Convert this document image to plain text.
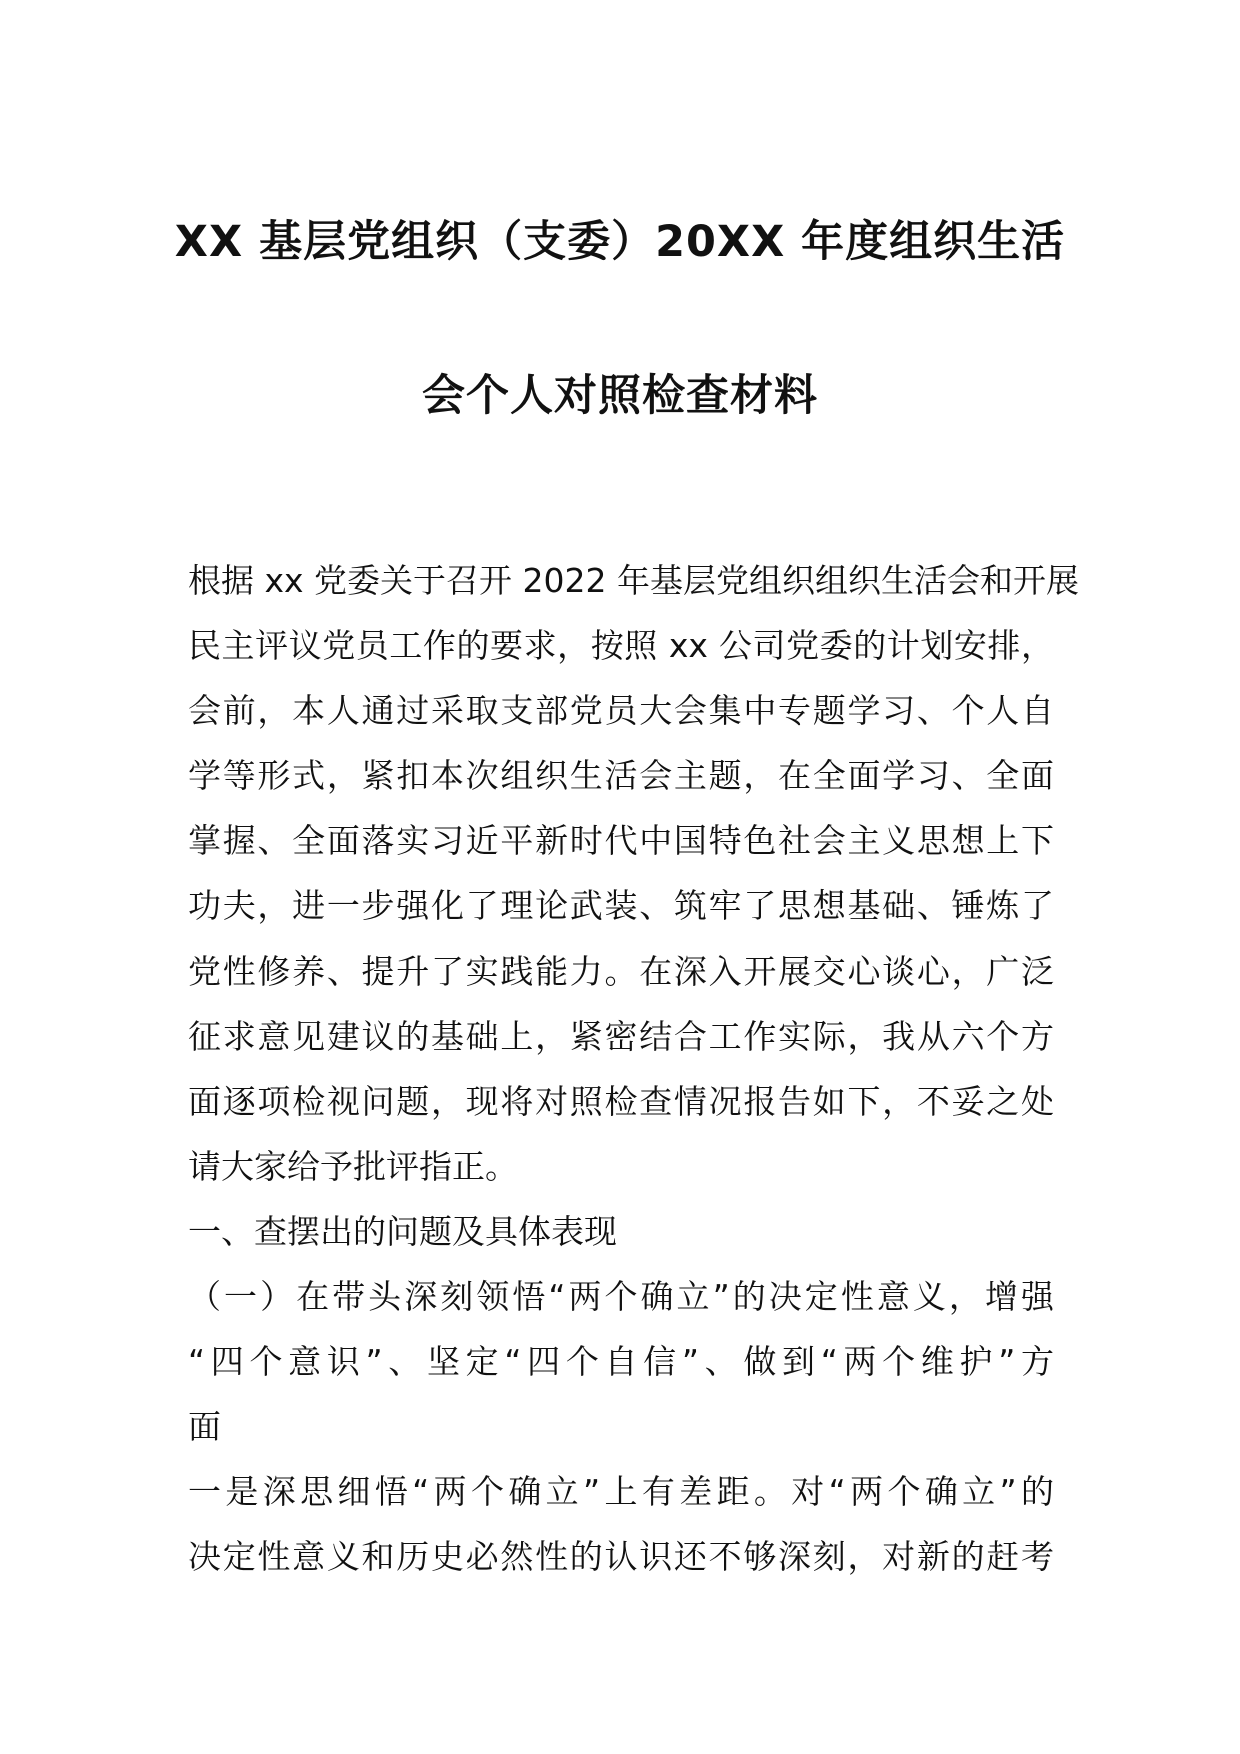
XX 基层党组织（支委）20XX 年度组织生活
会个人对照检查材料
根据 xx 党委关于召开 2022 年基层党组织组织生活会和开展
民主评议党员工作的要求，按照 xx 公司党委的计划安排，
会前，本人通过采取支部党员大会集中专题学习、个人自
学等形式，紧扣本次组织生活会主题，在全面学习、全面
掌握、全面落实习近平新时代中国特色社会主义思想上下
功夫，进一步强化了理论武装、筑牢了思想基础、锤炼了
党性修养、提升了实践能力。在深入开展交心谈心，广泛
征求意见建议的基础上，紧密结合工作实际，我从六个方
面逐项检视问题，现将对照检查情况报告如下，不妥之处
请大家给予批评指正。
一、查摆出的问题及具体表现
（一）在带头深刻领悟“两个确立”的决定性意义，增强
“四个意识”、坚定“四个自信”、做到“两个维护”方
面
一是深思细悟“两个确立”上有差距。对“两个确立”的
决定性意义和历史必然性的认识还不够深刻，对新的赶考
